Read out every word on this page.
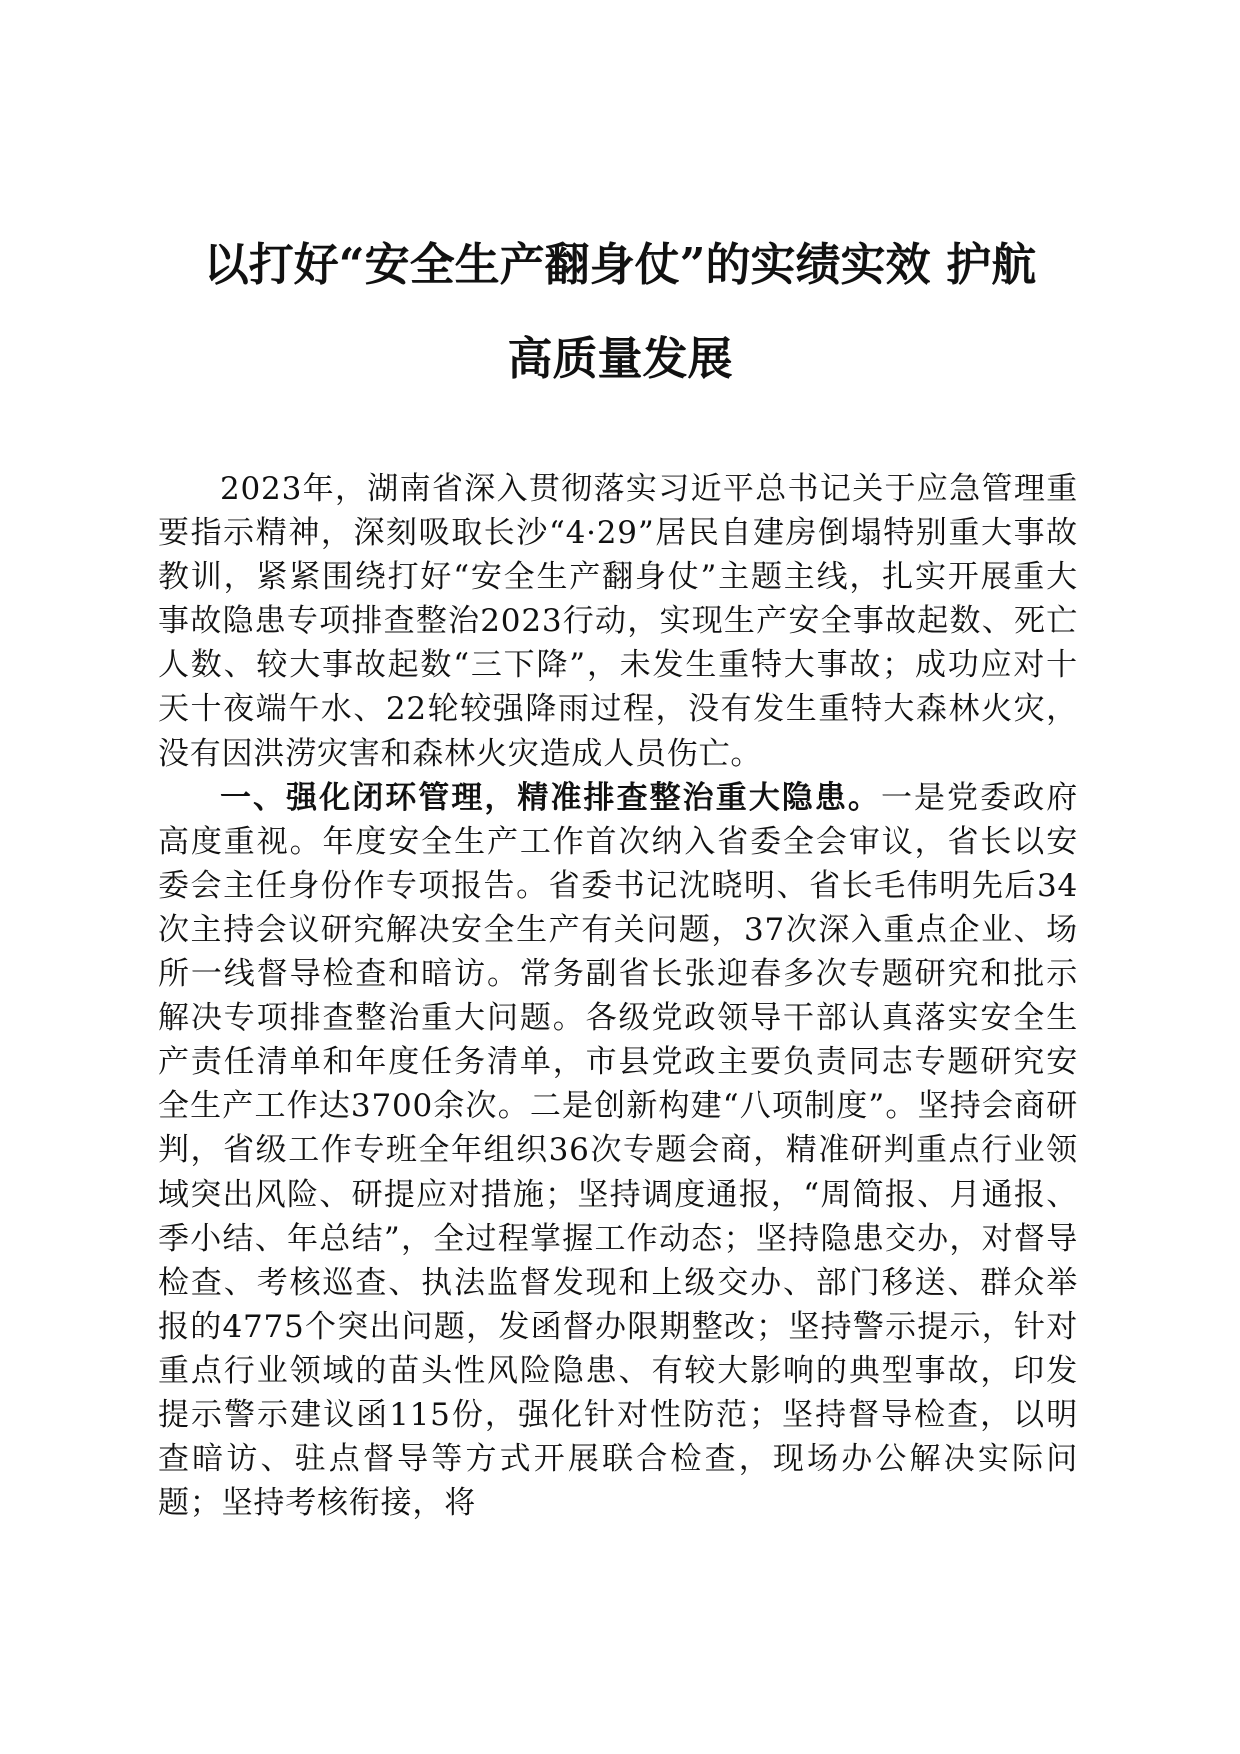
以打好“安全生产翻身仗”的实绩实效 护航
高质量发展

2023年，湖南省深入贯彻落实习近平总书记关于应急管理重要指示精神，深刻吸取长沙“4·29”居民自建房倒塌特别重大事故教训，紧紧围绕打好“安全生产翻身仗”主题主线，扎实开展重大事故隐患专项排查整治2023行动，实现生产安全事故起数、死亡人数、较大事故起数“三下降”，未发生重特大事故；成功应对十天十夜端午水、22轮较强降雨过程，没有发生重特大森林火灾，没有因洪涝灾害和森林火灾造成人员伤亡。

一、强化闭环管理，精准排查整治重大隐患。一是党委政府高度重视。年度安全生产工作首次纳入省委全会审议，省长以安委会主任身份作专项报告。省委书记沈晓明、省长毛伟明先后34次主持会议研究解决安全生产有关问题，37次深入重点企业、场所一线督导检查和暗访。常务副省长张迎春多次专题研究和批示解决专项排查整治重大问题。各级党政领导干部认真落实安全生产责任清单和年度任务清单，市县党政主要负责同志专题研究安全生产工作达3700余次。二是创新构建“八项制度”。坚持会商研判，省级工作专班全年组织36次专题会商，精准研判重点行业领域突出风险、研提应对措施；坚持调度通报，“周简报、月通报、季小结、年总结”，全过程掌握工作动态；坚持隐患交办，对督导检查、考核巡查、执法监督发现和上级交办、部门移送、群众举报的4775个突出问题，发函督办限期整改；坚持警示提示，针对重点行业领域的苗头性风险隐患、有较大影响的典型事故，印发提示警示建议函115份，强化针对性防范；坚持督导检查，以明查暗访、驻点督导等方式开展联合检查，现场办公解决实际问题；坚持考核衔接，将
